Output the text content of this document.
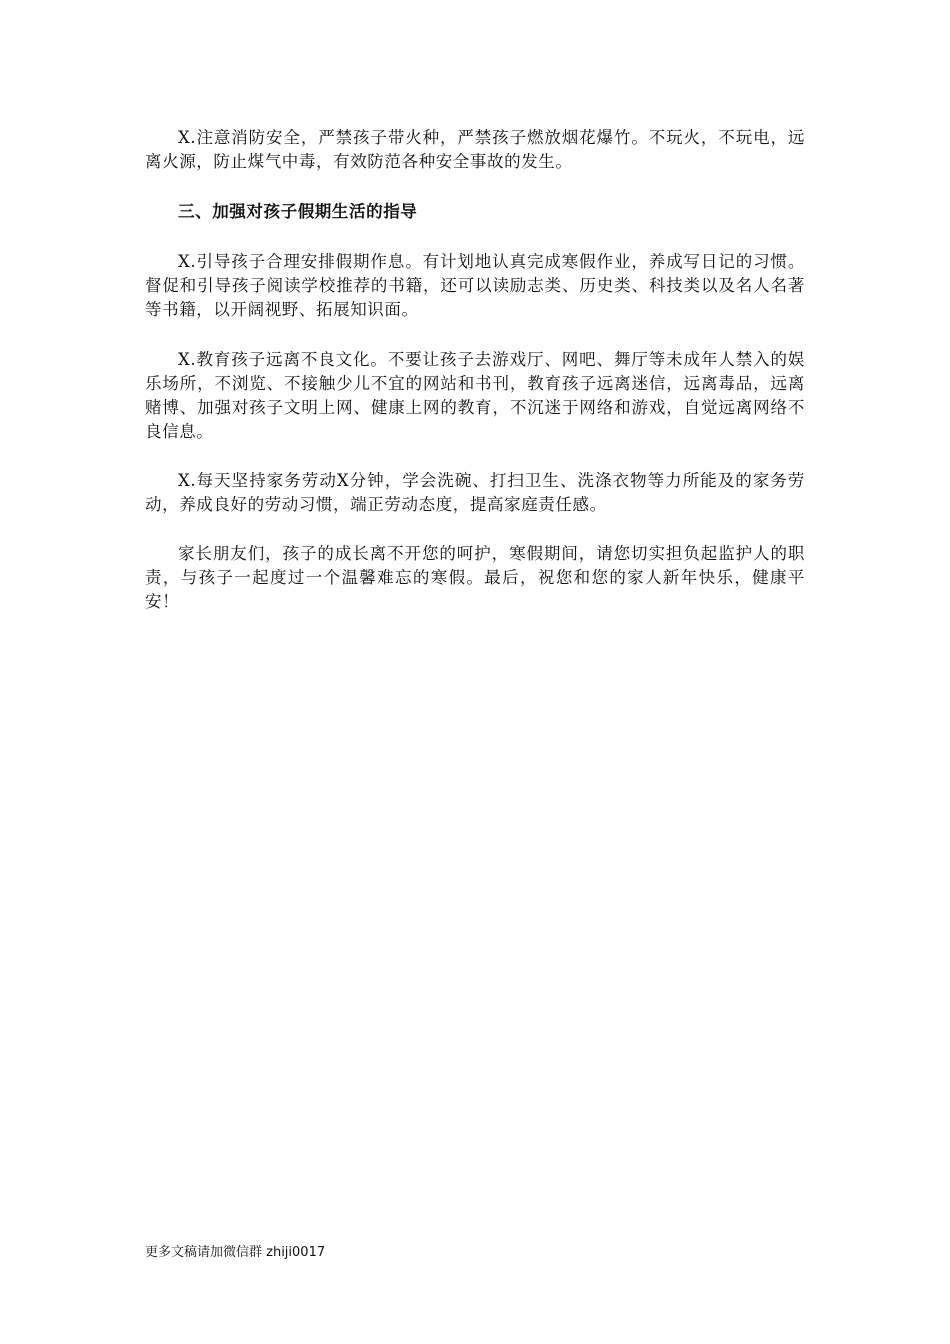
X.注意消防安全，严禁孩子带火种，严禁孩子燃放烟花爆竹。不玩火，不玩电，远离火源，防止煤气中毒，有效防范各种安全事故的发生。

三、加强对孩子假期生活的指导

X.引导孩子合理安排假期作息。有计划地认真完成寒假作业，养成写日记的习惯。督促和引导孩子阅读学校推荐的书籍，还可以读励志类、历史类、科技类以及名人名著等书籍，以开阔视野、拓展知识面。

X.教育孩子远离不良文化。不要让孩子去游戏厅、网吧、舞厅等未成年人禁入的娱乐场所，不浏览、不接触少儿不宜的网站和书刊，教育孩子远离迷信，远离毒品，远离赌博、加强对孩子文明上网、健康上网的教育，不沉迷于网络和游戏，自觉远离网络不良信息。

X.每天坚持家务劳动X分钟，学会洗碗、打扫卫生、洗涤衣物等力所能及的家务劳动，养成良好的劳动习惯，端正劳动态度，提高家庭责任感。

家长朋友们，孩子的成长离不开您的呵护，寒假期间，请您切实担负起监护人的职责，与孩子一起度过一个温馨难忘的寒假。最后，祝您和您的家人新年快乐，健康平安！

更多文稿请加微信群 zhiji0017
